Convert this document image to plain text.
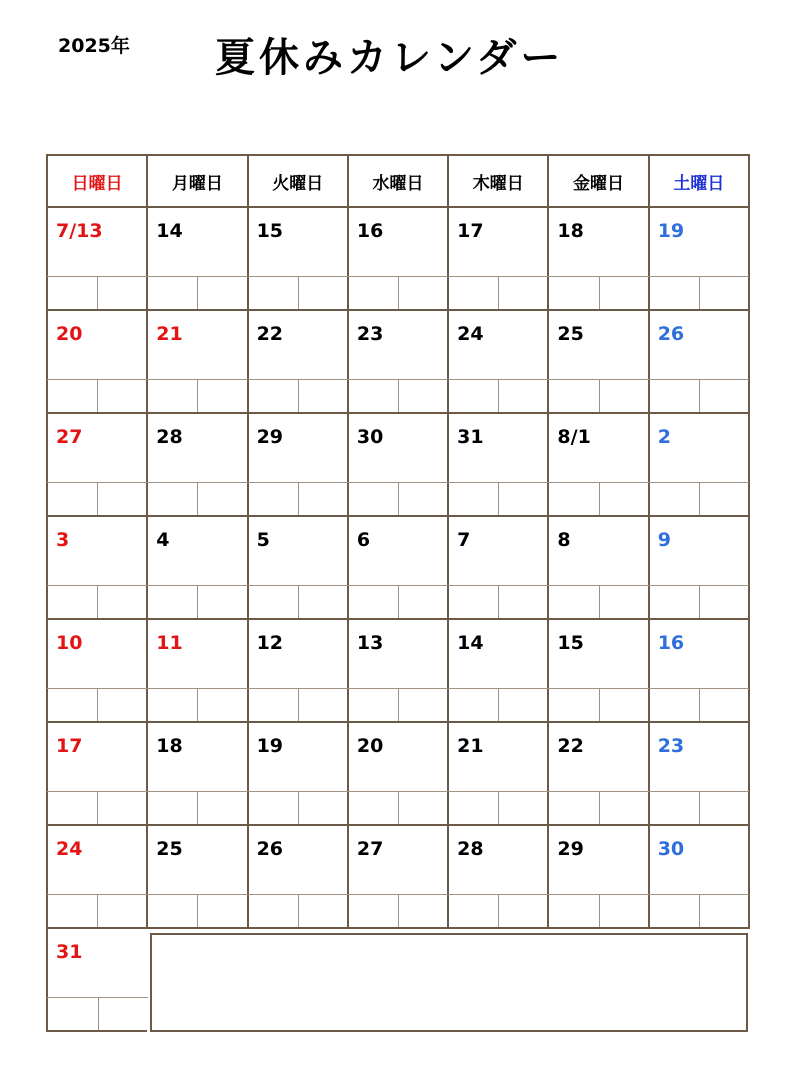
2025年 夏休みカレンダー
日曜日	月曜日	火曜日	水曜日	木曜日	金曜日	土曜日

7/13	14	15	16	17	18	19

20	21	22	23	24	25	26

27	28	29	30	31	8/1	2

3	4	5	6	7	8	9

10	11	12	13	14	15	16

17	18	19	20	21	22	23

24	25	26	27	28	29	30

31						
